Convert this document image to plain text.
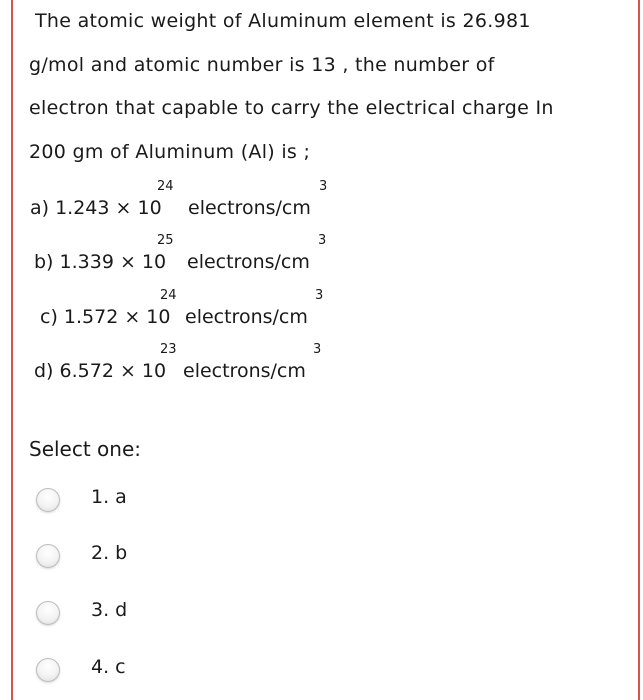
The atomic weight of Aluminum element is 26.981
g/mol and atomic number is 13 , the number of
electron that capable to carry the electrical charge In
200 gm of Aluminum (Al) is ;
a) 1.243 × 10
24
electrons/cm
3
b) 1.339 × 10
25
electrons/cm
3
c) 1.572 × 10
24
electrons/cm
3
d) 6.572 × 10
23
electrons/cm
3
Select one:
1. a
2. b
3. d
4. c
